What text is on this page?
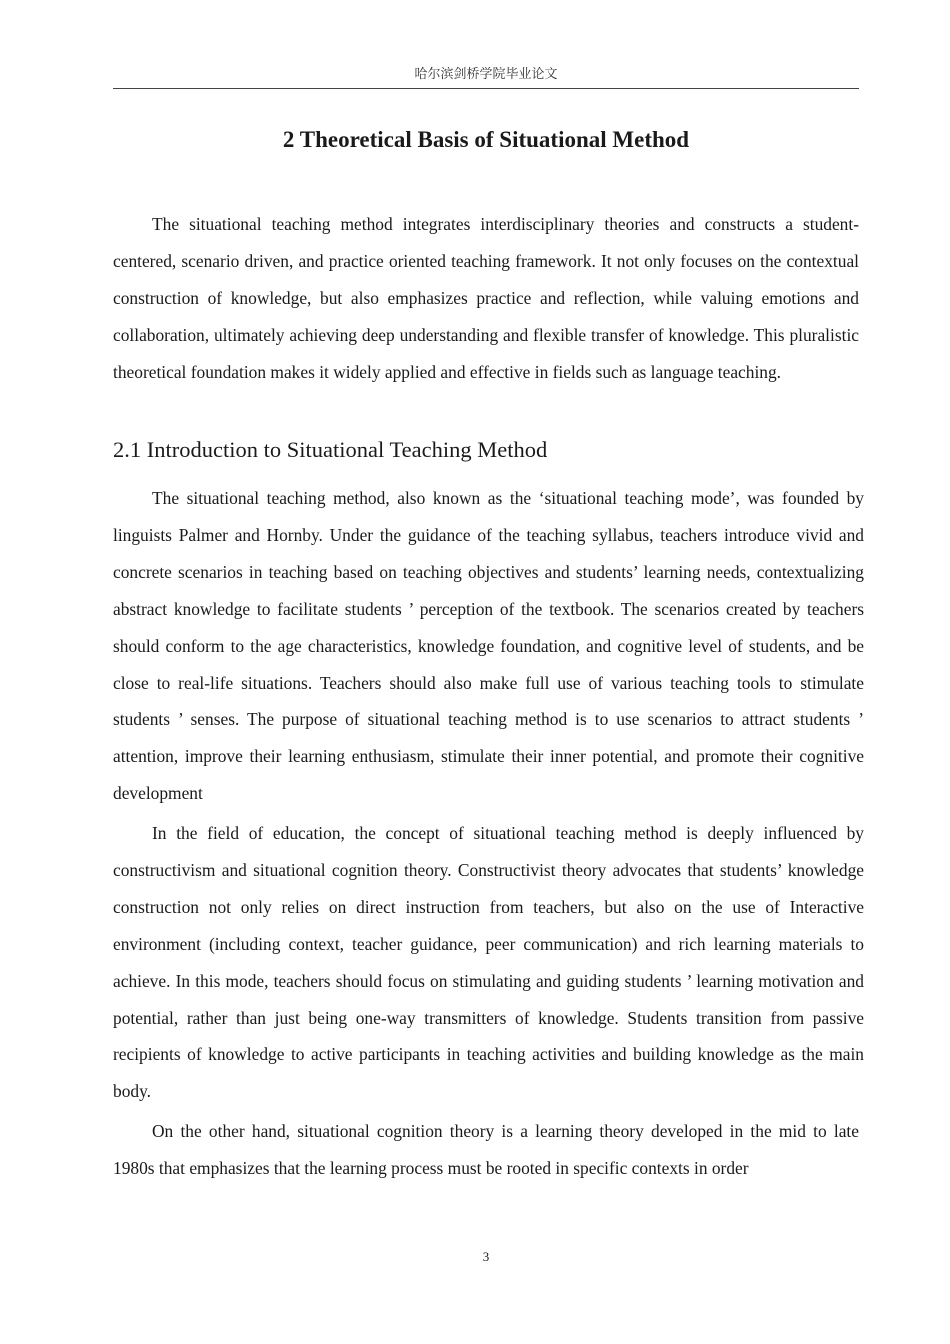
哈尔滨剑桥学院毕业论文
2 Theoretical Basis of Situational Method

The situational teaching method integrates interdisciplinary theories and constructs a student-centered, scenario driven, and practice oriented teaching framework. It not only focuses on the contextual construction of knowledge, but also emphasizes practice and reflection, while valuing emotions and collaboration, ultimately achieving deep understanding and flexible transfer of knowledge. This pluralistic theoretical foundation makes it widely applied and effective in fields such as language teaching.

2.1 Introduction to Situational Teaching Method

The situational teaching method, also known as the ‘situational teaching mode’, was founded by linguists Palmer and Hornby. Under the guidance of the teaching syllabus, teachers introduce vivid and concrete scenarios in teaching based on teaching objectives and students’ learning needs, contextualizing abstract knowledge to facilitate students ’ perception of the textbook. The scenarios created by teachers should conform to the age characteristics, knowledge foundation, and cognitive level of students, and be close to real-life situations. Teachers should also make full use of various teaching tools to stimulate students ’ senses. The purpose of situational teaching method is to use scenarios to attract students ’ attention, improve their learning enthusiasm, stimulate their inner potential, and promote their cognitive development

In the field of education, the concept of situational teaching method is deeply influenced by constructivism and situational cognition theory. Constructivist theory advocates that students’ knowledge construction not only relies on direct instruction from teachers, but also on the use of Interactive environment (including context, teacher guidance, peer communication) and rich learning materials to achieve. In this mode, teachers should focus on stimulating and guiding students ’ learning motivation and potential, rather than just being one-way transmitters of knowledge. Students transition from passive recipients of knowledge to active participants in teaching activities and building knowledge as the main body.

On the other hand, situational cognition theory is a learning theory developed in the mid to late 1980s that emphasizes that the learning process must be rooted in specific contexts in order

3
